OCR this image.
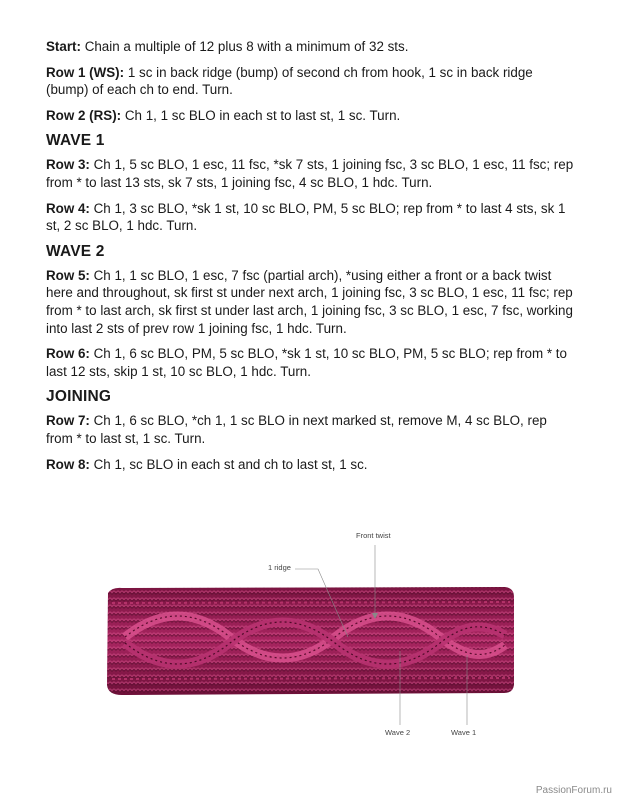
Start: Chain a multiple of 12 plus 8 with a minimum of 32 sts.

Row 1 (WS): 1 sc in back ridge (bump) of second ch from hook, 1 sc in back ridge (bump) of each ch to end. Turn.

Row 2 (RS): Ch 1, 1 sc BLO in each st to last st, 1 sc. Turn.

WAVE 1

Row 3: Ch 1, 5 sc BLO, 1 esc, 11 fsc, *sk 7 sts, 1 joining fsc, 3 sc BLO, 1 esc, 11 fsc; rep from * to last 13 sts, sk 7 sts, 1 joining fsc, 4 sc BLO, 1 hdc. Turn.

Row 4: Ch 1, 3 sc BLO, *sk 1 st, 10 sc BLO, PM, 5 sc BLO; rep from * to last 4 sts, sk 1 st, 2 sc BLO, 1 hdc. Turn.

WAVE 2

Row 5: Ch 1, 1 sc BLO, 1 esc, 7 fsc (partial arch), *using either a front or a back twist here and throughout, sk first st under next arch, 1 joining fsc, 3 sc BLO, 1 esc, 11 fsc; rep from * to last arch, sk first st under last arch, 1 joining fsc, 3 sc BLO, 1 esc, 7 fsc, working into last 2 sts of prev row 1 joining fsc, 1 hdc. Turn.

Row 6: Ch 1, 6 sc BLO, PM, 5 sc BLO, *sk 1 st, 10 sc BLO, PM, 5 sc BLO; rep from * to last 12 sts, skip 1 st, 10 sc BLO, 1 hdc. Turn.

JOINING

Row 7: Ch 1, 6 sc BLO, *ch 1, 1 sc BLO in next marked st, remove M, 4 sc BLO, rep from * to last st, 1 sc. Turn.

Row 8: Ch 1, sc BLO in each st and ch to last st, 1 sc.

Front twist
1 ridge
Wave 2	Wave 1
PassionForum.ru
